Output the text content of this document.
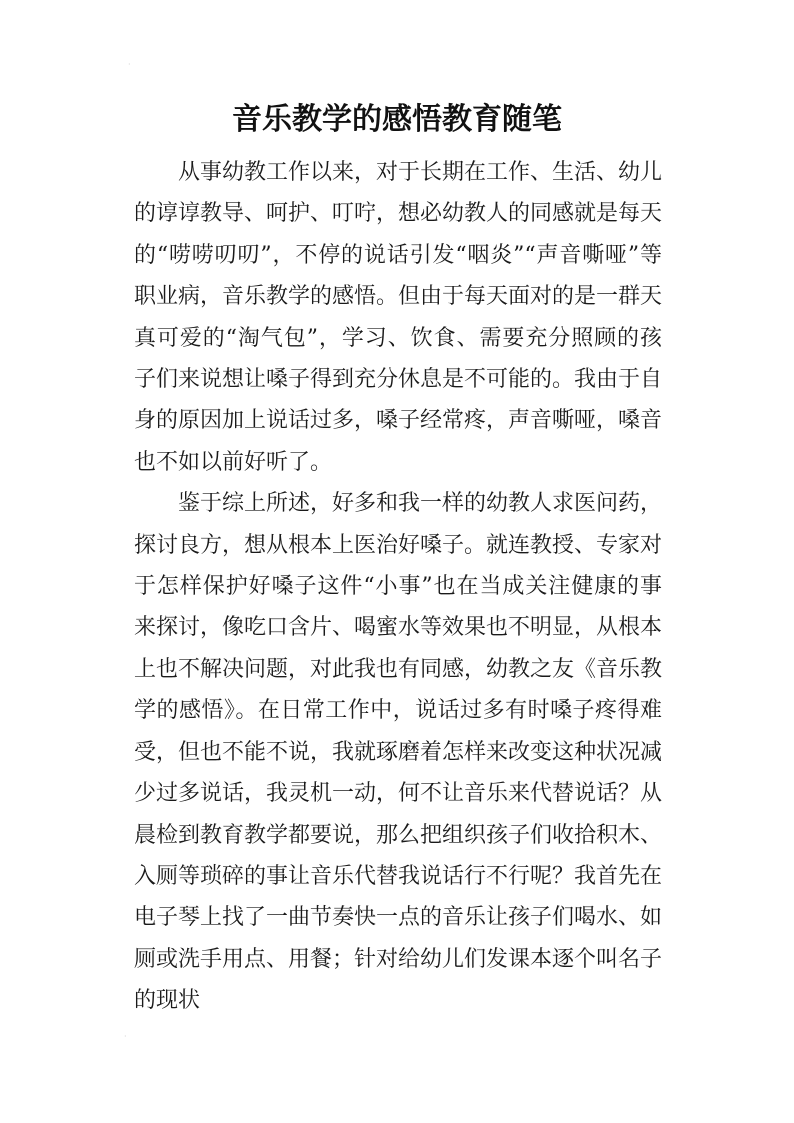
·
音乐教学的感悟教育随笔

从事幼教工作以来，对于长期在工作、生活、幼儿的谆谆教导、呵护、叮咛，想必幼教人的同感就是每天的“唠唠叨叨”，不停的说话引发“咽炎”“声音嘶哑”等职业病，音乐教学的感悟。但由于每天面对的是一群天真可爱的“淘气包”，学习、饮食、需要充分照顾的孩子们来说想让嗓子得到充分休息是不可能的。我由于自身的原因加上说话过多，嗓子经常疼，声音嘶哑，嗓音也不如以前好听了。

鉴于综上所述，好多和我一样的幼教人求医问药，探讨良方，想从根本上医治好嗓子。就连教授、专家对于怎样保护好嗓子这件“小事”也在当成关注健康的事来探讨，像吃口含片、喝蜜水等效果也不明显，从根本上也不解决问题，对此我也有同感，幼教之友《音乐教学的感悟》。在日常工作中，说话过多有时嗓子疼得难受，但也不能不说，我就琢磨着怎样来改变这种状况减少过多说话，我灵机一动，何不让音乐来代替说话？从晨检到教育教学都要说，那么把组织孩子们收拾积木、入厕等琐碎的事让音乐代替我说话行不行呢？我首先在电子琴上找了一曲节奏快一点的音乐让孩子们喝水、如厕或洗手用点、用餐；针对给幼儿们发课本逐个叫名子的现状

·
